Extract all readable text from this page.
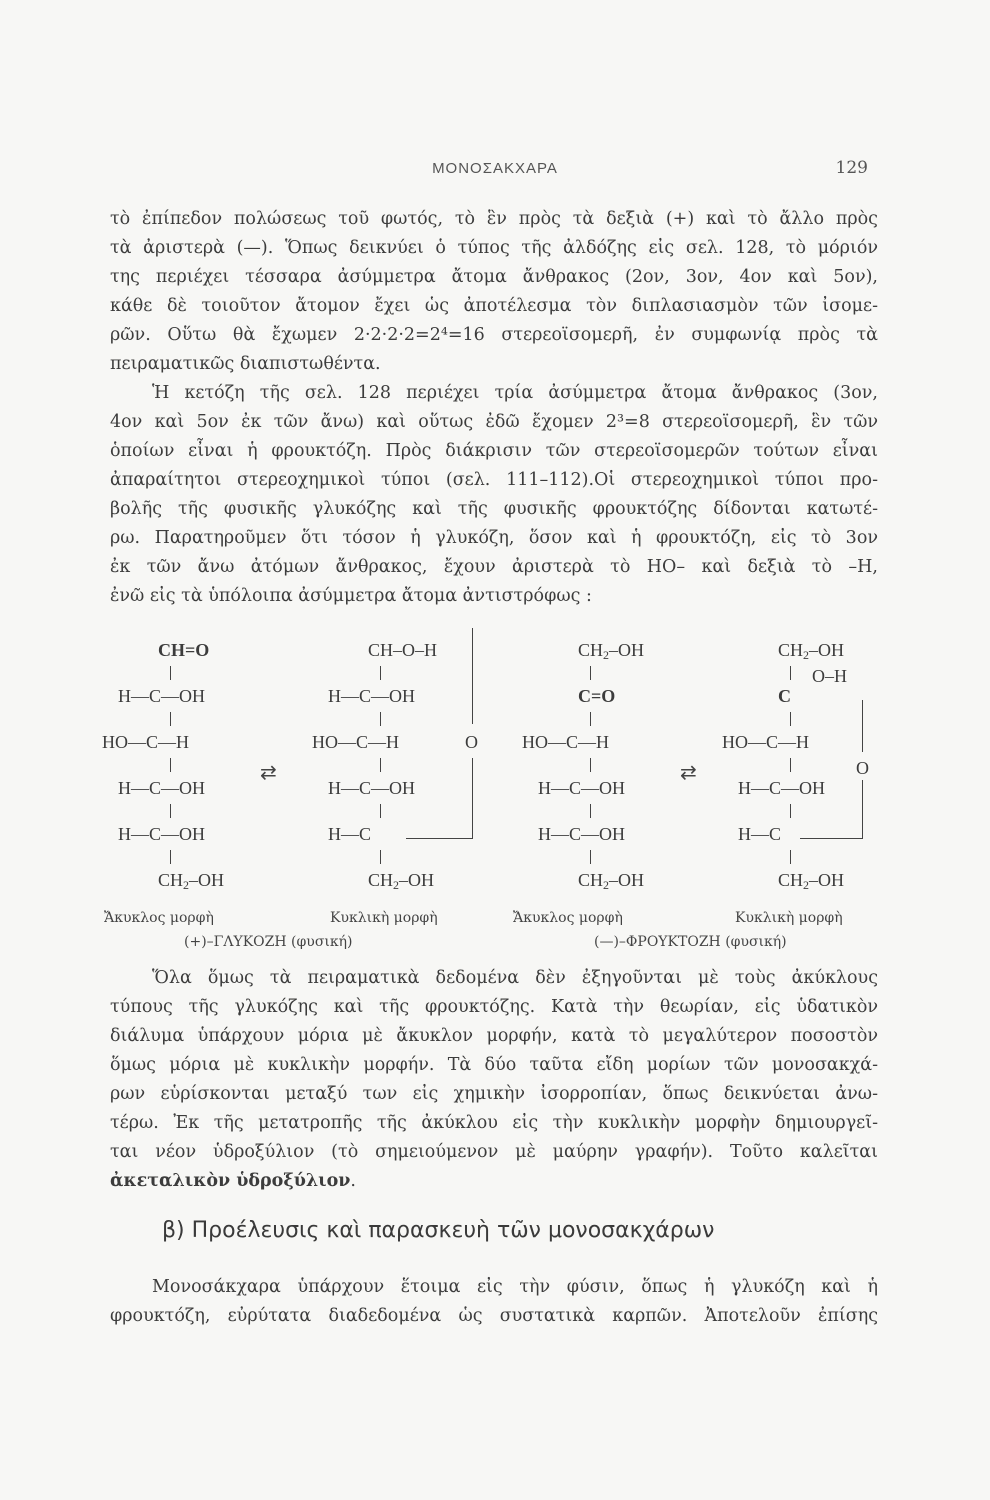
ΜΟΝΟΣΑΚΧΑΡΑ	129
τὸ ἐπίπεδον πολώσεως τοῦ φωτός, τὸ ἓν πρὸς τὰ δεξιὰ (+) καὶ τὸ ἄλλο πρὸς
τὰ ἀριστερὰ (—). Ὅπως δεικνύει ὁ τύπος τῆς ἀλδόζης εἰς σελ. 128, τὸ μόριόν
της περιέχει τέσσαρα ἀσύμμετρα ἄτομα ἄνθρακος (2ον, 3ον, 4ον καὶ 5ον),
κάθε δὲ τοιοῦτον ἄτομον ἔχει ὡς ἀποτέλεσμα τὸν διπλασιασμὸν τῶν ἰσομε-
ρῶν. Οὕτω θὰ ἔχωμεν 2·2·2·2=2⁴=16 στερεοϊσομερῆ, ἐν συμφωνίᾳ πρὸς τὰ
πειραματικῶς διαπιστωθέντα.
Ἡ κετόζη τῆς σελ. 128 περιέχει τρία ἀσύμμετρα ἄτομα ἄνθρακος (3ον,
4ον καὶ 5ον ἐκ τῶν ἄνω) καὶ οὕτως ἐδῶ ἔχομεν 2³=8 στερεοϊσομερῆ, ἓν τῶν
ὁποίων εἶναι ἡ φρουκτόζη. Πρὸς διάκρισιν τῶν στερεοϊσομερῶν τούτων εἶναι
ἀπαραίτητοι στερεοχημικοὶ τύποι (σελ. 111–112).Οἱ στερεοχημικοὶ τύποι προ-
βολῆς τῆς φυσικῆς γλυκόζης καὶ τῆς φυσικῆς φρουκτόζης δίδονται κατωτέ-
ρω. Παρατηροῦμεν ὅτι τόσον ἡ γλυκόζη, ὅσον καὶ ἡ φρουκτόζη, εἰς τὸ 3ον
ἐκ τῶν ἄνω ἀτόμων ἄνθρακος, ἔχουν ἀριστερὰ τὸ ΗΟ– καὶ δεξιὰ τὸ –Η,
ἐνῶ εἰς τὰ ὑπόλοιπα ἀσύμμετρα ἄτομα ἀντιστρόφως :
CH=O
H—C—OH
HO—C—H
H—C—OH
H—C—OH
$CH_2-OH$
⇄
CH–O–H
H—C—OH
HO—C—H	O
H—C—OH
H—C
$CH_2-OH$
$CH_2-OH$
C=O
HO—C—H
H—C—OH
H—C—OH
$CH_2-OH$
⇄
$CH_2-OH$
O–H
C
HO—C—H
O
H—C—OH
H—C
$CH_2-OH$
Ἄκυκλος μορφὴ	Κυκλικὴ μορφὴ	Ἄκυκλος μορφὴ	Κυκλικὴ μορφὴ
(+)–ΓΛΥΚΟΖΗ (φυσική)	(—)–ΦΡΟΥΚΤΟΖΗ (φυσική)
Ὅλα ὅμως τὰ πειραματικὰ δεδομένα δὲν ἐξηγοῦνται μὲ τοὺς ἀκύκλους
τύπους τῆς γλυκόζης καὶ τῆς φρουκτόζης. Κατὰ τὴν θεωρίαν, εἰς ὑδατικὸν
διάλυμα ὑπάρχουν μόρια μὲ ἄκυκλον μορφήν, κατὰ τὸ μεγαλύτερον ποσοστὸν
ὅμως μόρια μὲ κυκλικὴν μορφήν. Τὰ δύο ταῦτα εἴδη μορίων τῶν μονοσακχά-
ρων εὑρίσκονται μεταξύ των εἰς χημικὴν ἰσορροπίαν, ὅπως δεικνύεται ἀνω-
τέρω. Ἐκ τῆς μετατροπῆς τῆς ἀκύκλου εἰς τὴν κυκλικὴν μορφὴν δημιουργεῖ-
ται νέον ὑδροξύλιον (τὸ σημειούμενον μὲ μαύρην γραφήν). Τοῦτο καλεῖται
ἀκεταλικὸν ὑδροξύλιον.
β) Προέλευσις καὶ παρασκευὴ τῶν μονοσακχάρων
Μονοσάκχαρα ὑπάρχουν ἕτοιμα εἰς τὴν φύσιν, ὅπως ἡ γλυκόζη καὶ ἡ
φρουκτόζη, εὐρύτατα διαδεδομένα ὡς συστατικὰ καρπῶν. Ἀποτελοῦν ἐπίσης
